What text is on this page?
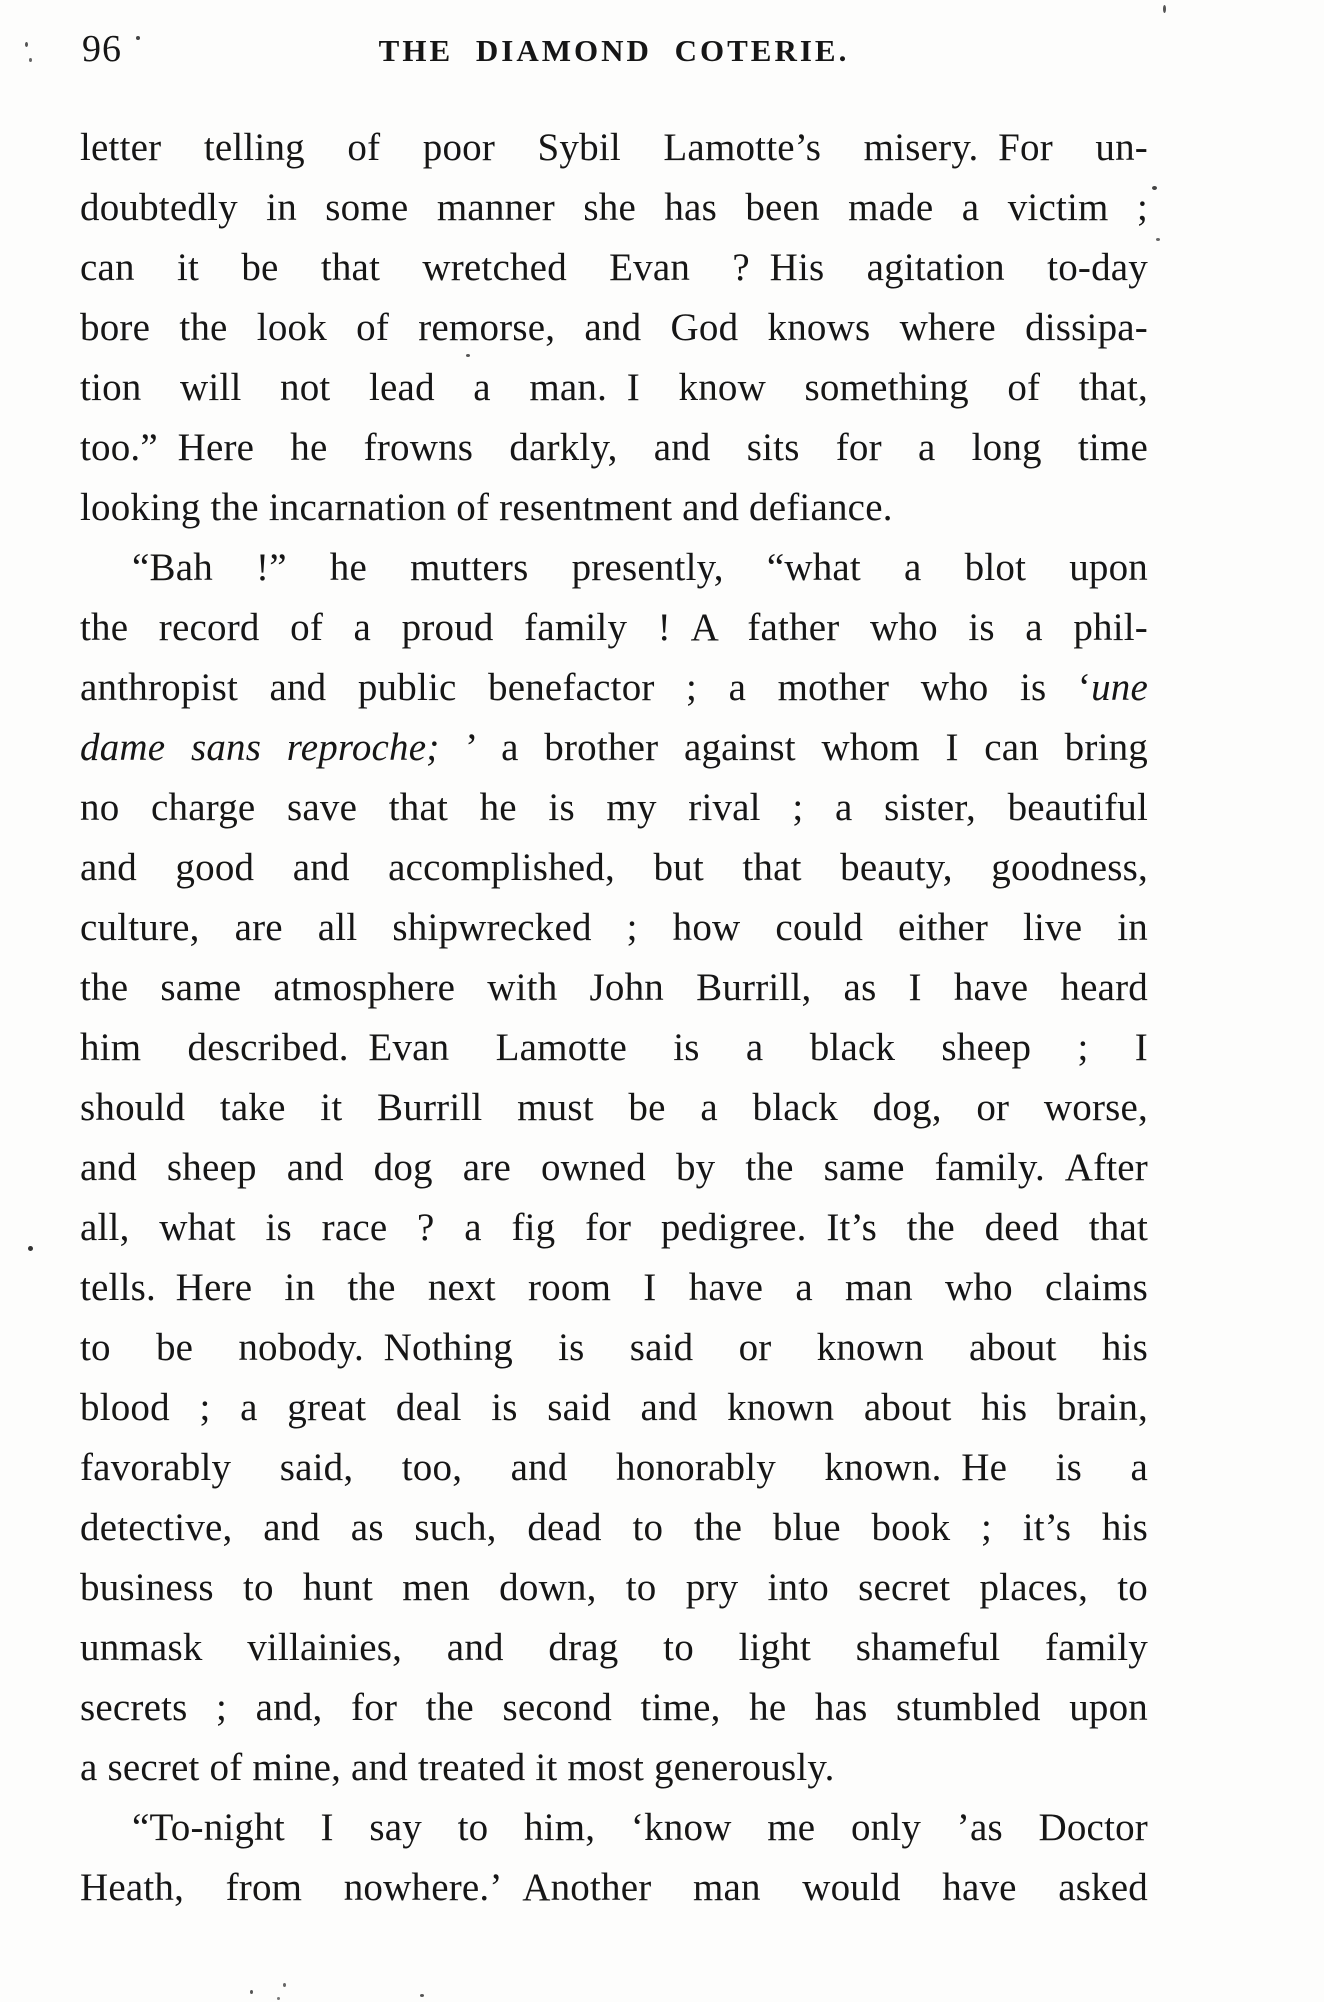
96	THE DIAMOND COTERIE.
letter telling of poor Sybil Lamotte’s misery. For un-
doubtedly in some manner she has been made a victim ;
can it be that wretched Evan ? His agitation to-day
bore the look of remorse, and God knows where dissipa-
tion will not lead a man. I know something of that,
too.” Here he frowns darkly, and sits for a long time
looking the incarnation of resentment and defiance.
“Bah !” he mutters presently, “what a blot upon
the record of a proud family ! A father who is a phil-
anthropist and public benefactor ; a mother who is ‘une
dame sans reproche; ’ a brother against whom I can bring
no charge save that he is my rival ; a sister, beautiful
and good and accomplished, but that beauty, goodness,
culture, are all shipwrecked ; how could either live in
the same atmosphere with John Burrill, as I have heard
him described. Evan Lamotte is a black sheep ; I
should take it Burrill must be a black dog, or worse,
and sheep and dog are owned by the same family. After
all, what is race ? a fig for pedigree. It’s the deed that
tells. Here in the next room I have a man who claims
to be nobody. Nothing is said or known about his
blood ; a great deal is said and known about his brain,
favorably said, too, and honorably known. He is a
detective, and as such, dead to the blue book ; it’s his
business to hunt men down, to pry into secret places, to
unmask villainies, and drag to light shameful family
secrets ; and, for the second time, he has stumbled upon
a secret of mine, and treated it most generously.
“To-night I say to him, ‘know me only ’as Doctor
Heath, from nowhere.’ Another man would have asked
